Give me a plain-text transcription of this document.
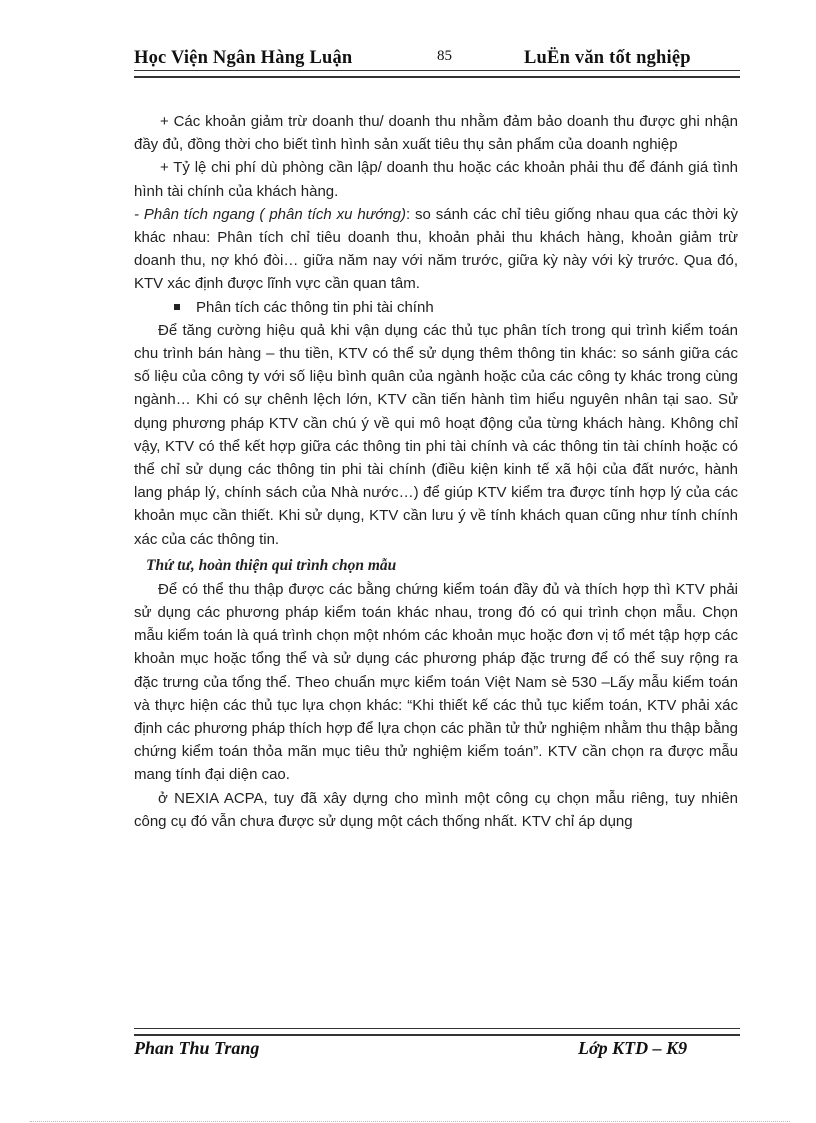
Học Viện Ngân Hàng Luận	85	LuËn văn tốt nghiệp

+ Các khoản giảm trừ doanh thu/ doanh thu nhằm đảm bảo doanh thu được ghi nhận đầy đủ, đồng thời cho biết tình hình sản xuất tiêu thụ sản phẩm của doanh nghiệp

+ Tỷ lệ chi phí dù phòng cần lập/ doanh thu hoặc các khoản phải thu để đánh giá tình hình tài chính của khách hàng.

- Phân tích ngang ( phân tích xu hướng): so sánh các chỉ tiêu giống nhau qua các thời kỳ khác nhau: Phân tích chỉ tiêu doanh thu, khoản phải thu khách hàng, khoản giảm trừ doanh thu, nợ khó đòi… giữa năm nay với năm trước, giữa kỳ này với kỳ trước. Qua đó, KTV xác định được lĩnh vực cần quan tâm.

Phân tích các thông tin phi tài chính

Để tăng cường hiệu quả khi vận dụng các thủ tục phân tích trong qui trình kiểm toán chu trình bán hàng – thu tiền, KTV có thể sử dụng thêm thông tin khác: so sánh giữa các số liệu của công ty với số liệu bình quân của ngành hoặc của các công ty khác trong cùng ngành… Khi có sự chênh lệch lớn, KTV cần tiến hành tìm hiểu nguyên nhân tại sao. Sử dụng phương pháp KTV cần chú ý về qui mô hoạt động của từng khách hàng. Không chỉ vậy, KTV có thể kết hợp giữa các thông tin phi tài chính và các thông tin tài chính hoặc có thể chỉ sử dụng các thông tin phi tài chính (điều kiện kinh tế xã hội của đất nước, hành lang pháp lý, chính sách của Nhà nước…) để giúp KTV kiểm tra được tính hợp lý của các khoản mục cần thiết. Khi sử dụng, KTV cần lưu ý về tính khách quan cũng như tính chính xác của các thông tin.

Thứ tư, hoàn thiện qui trình chọn mẫu

Để có thể thu thập được các bằng chứng kiểm toán đầy đủ và thích hợp thì KTV phải sử dụng các phương pháp kiểm toán khác nhau, trong đó có qui trình chọn mẫu. Chọn mẫu kiểm toán là quá trình chọn một nhóm các khoản mục hoặc đơn vị tổ mét tập hợp các khoản mục hoặc tổng thể và sử dụng các phương pháp đặc trưng để có thể suy rộng ra đặc trưng của tổng thể. Theo chuẩn mực kiểm toán Việt Nam sè 530 –Lấy mẫu kiểm toán và thực hiện các thủ tục lựa chọn khác: “Khi thiết kế các thủ tục kiểm toán, KTV phải xác định các phương pháp thích hợp để lựa chọn các phần tử thử nghiệm nhằm thu thập bằng chứng kiểm toán thỏa mãn mục tiêu thử nghiệm kiểm toán”. KTV cần chọn ra được mẫu mang tính đại diện cao.

ở NEXIA ACPA, tuy đã xây dựng cho mình một công cụ chọn mẫu riêng, tuy nhiên công cụ đó vẫn chưa được sử dụng một cách thống nhất. KTV chỉ áp dụng

Phan Thu Trang	Lớp KTD – K9
